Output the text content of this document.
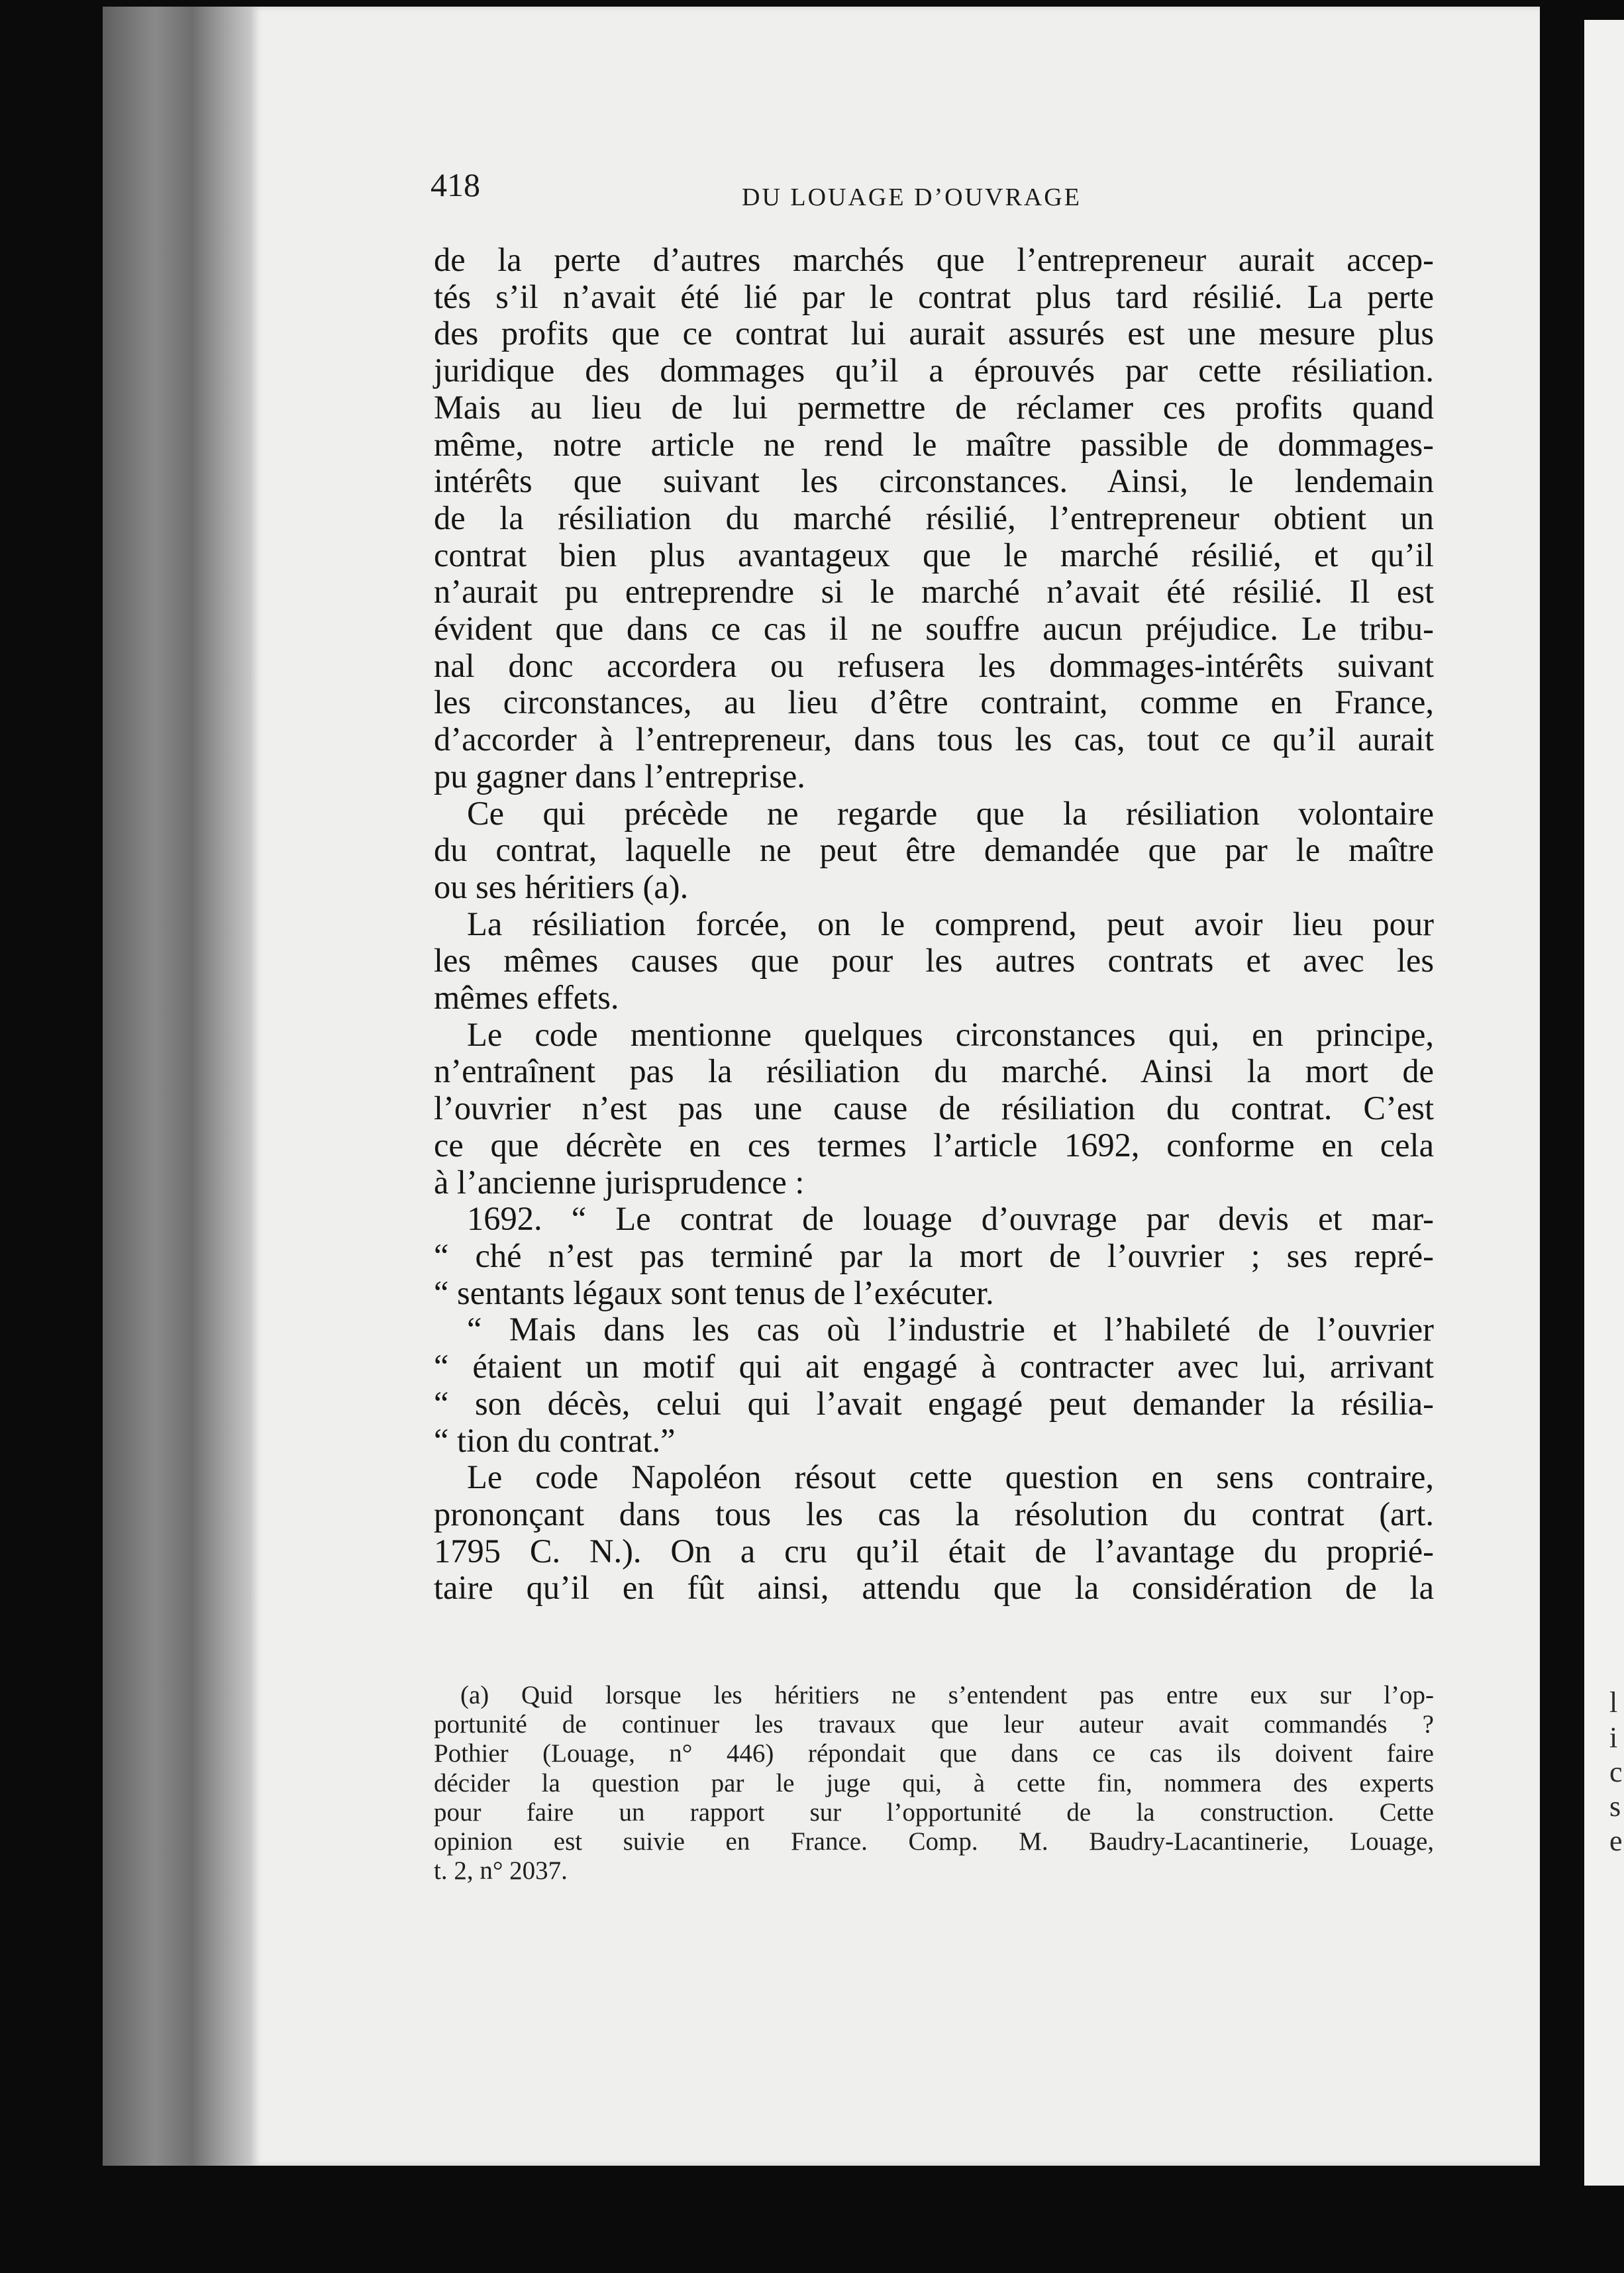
418	DU LOUAGE D’OUVRAGE
de la perte d’autres marchés que l’entrepreneur aurait accep-
tés s’il n’avait été lié par le contrat plus tard résilié. La perte
des profits que ce contrat lui aurait assurés est une mesure plus
juridique des dommages qu’il a éprouvés par cette résiliation.
Mais au lieu de lui permettre de réclamer ces profits quand
même, notre article ne rend le maître passible de dommages-
intérêts que suivant les circonstances. Ainsi, le lendemain
de la résiliation du marché résilié, l’entrepreneur obtient un
contrat bien plus avantageux que le marché résilié, et qu’il
n’aurait pu entreprendre si le marché n’avait été résilié. Il est
évident que dans ce cas il ne souffre aucun préjudice. Le tribu-
nal donc accordera ou refusera les dommages-intérêts suivant
les circonstances, au lieu d’être contraint, comme en France,
d’accorder à l’entrepreneur, dans tous les cas, tout ce qu’il aurait
pu gagner dans l’entreprise.
Ce qui précède ne regarde que la résiliation volontaire
du contrat, laquelle ne peut être demandée que par le maître
ou ses héritiers (a).
La résiliation forcée, on le comprend, peut avoir lieu pour
les mêmes causes que pour les autres contrats et avec les
mêmes effets.
Le code mentionne quelques circonstances qui, en principe,
n’entraînent pas la résiliation du marché. Ainsi la mort de
l’ouvrier n’est pas une cause de résiliation du contrat. C’est
ce que décrète en ces termes l’article 1692, conforme en cela
à l’ancienne jurisprudence :
1692. “ Le contrat de louage d’ouvrage par devis et mar-
“ ché n’est pas terminé par la mort de l’ouvrier ; ses repré-
“ sentants légaux sont tenus de l’exécuter.
“ Mais dans les cas où l’industrie et l’habileté de l’ouvrier
“ étaient un motif qui ait engagé à contracter avec lui, arrivant
“ son décès, celui qui l’avait engagé peut demander la résilia-
“ tion du contrat.”
Le code Napoléon résout cette question en sens contraire,
prononçant dans tous les cas la résolution du contrat (art.
1795 C. N.). On a cru qu’il était de l’avantage du proprié-
taire qu’il en fût ainsi, attendu que la considération de la
(a) Quid lorsque les héritiers ne s’entendent pas entre eux sur l’op-
portunité de continuer les travaux que leur auteur avait commandés ?
Pothier (Louage, n° 446) répondait que dans ce cas ils doivent faire
décider la question par le juge qui, à cette fin, nommera des experts
pour faire un rapport sur l’opportunité de la construction. Cette
opinion est suivie en France. Comp. M. Baudry-Lacantinerie, Louage,
t. 2, n° 2037.
l
i
c
s
e
